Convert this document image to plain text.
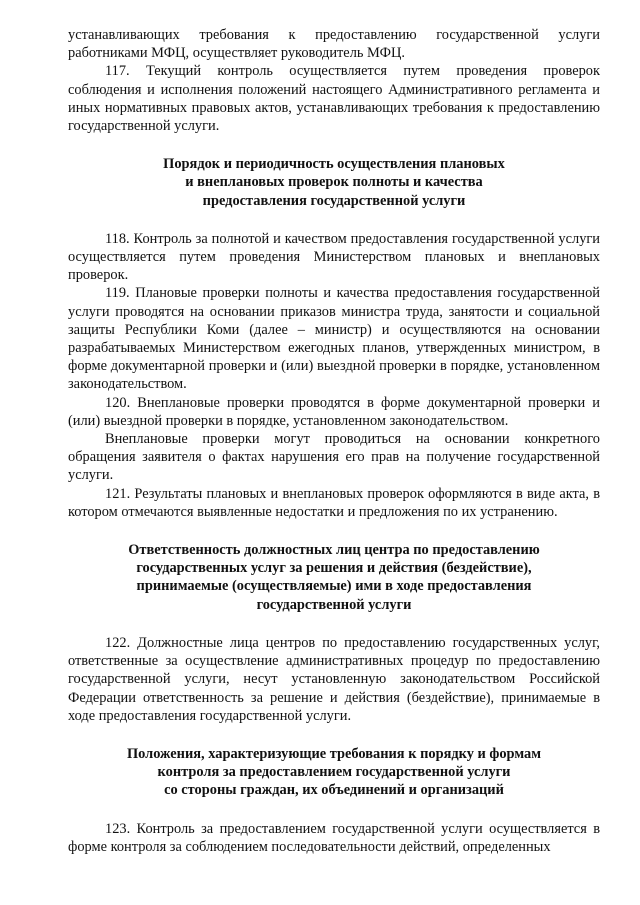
устанавливающих требования к предоставлению государственной услуги работниками МФЦ, осуществляет руководитель МФЦ.

117. Текущий контроль осуществляется путем проведения проверок соблюдения и исполнения положений настоящего Административного регламента и иных нормативных правовых актов, устанавливающих требования к предоставлению государственной услуги.

Порядок и периодичность осуществления плановых
и внеплановых проверок полноты и качества
предоставления государственной услуги

118. Контроль за полнотой и качеством предоставления государственной услуги осуществляется путем проведения Министерством плановых и внеплановых проверок.

119. Плановые проверки полноты и качества предоставления государственной услуги проводятся на основании приказов министра труда, занятости и социальной защиты Республики Коми (далее – министр) и осуществляются на основании разрабатываемых Министерством ежегодных планов, утвержденных министром, в форме документарной проверки и (или) выездной проверки в порядке, установленном законодательством.

120. Внеплановые проверки проводятся в форме документарной проверки и (или) выездной проверки в порядке, установленном законодательством.

Внеплановые проверки могут проводиться на основании конкретного обращения заявителя о фактах нарушения его прав на получение государственной услуги.

121. Результаты плановых и внеплановых проверок оформляются в виде акта, в котором отмечаются выявленные недостатки и предложения по их устранению.

Ответственность должностных лиц центра по предоставлению
государственных услуг за решения и действия (бездействие),
принимаемые (осуществляемые) ими в ходе предоставления
государственной услуги

122. Должностные лица центров по предоставлению государственных услуг, ответственные за осуществление административных процедур по предоставлению государственной услуги, несут установленную законодательством Российской Федерации ответственность за решение и действия (бездействие), принимаемые в ходе предоставления государственной услуги.

Положения, характеризующие требования к порядку и формам
контроля за предоставлением государственной услуги
со стороны граждан, их объединений и организаций

123. Контроль за предоставлением государственной услуги осуществляется в форме контроля за соблюдением последовательности действий, определенных
